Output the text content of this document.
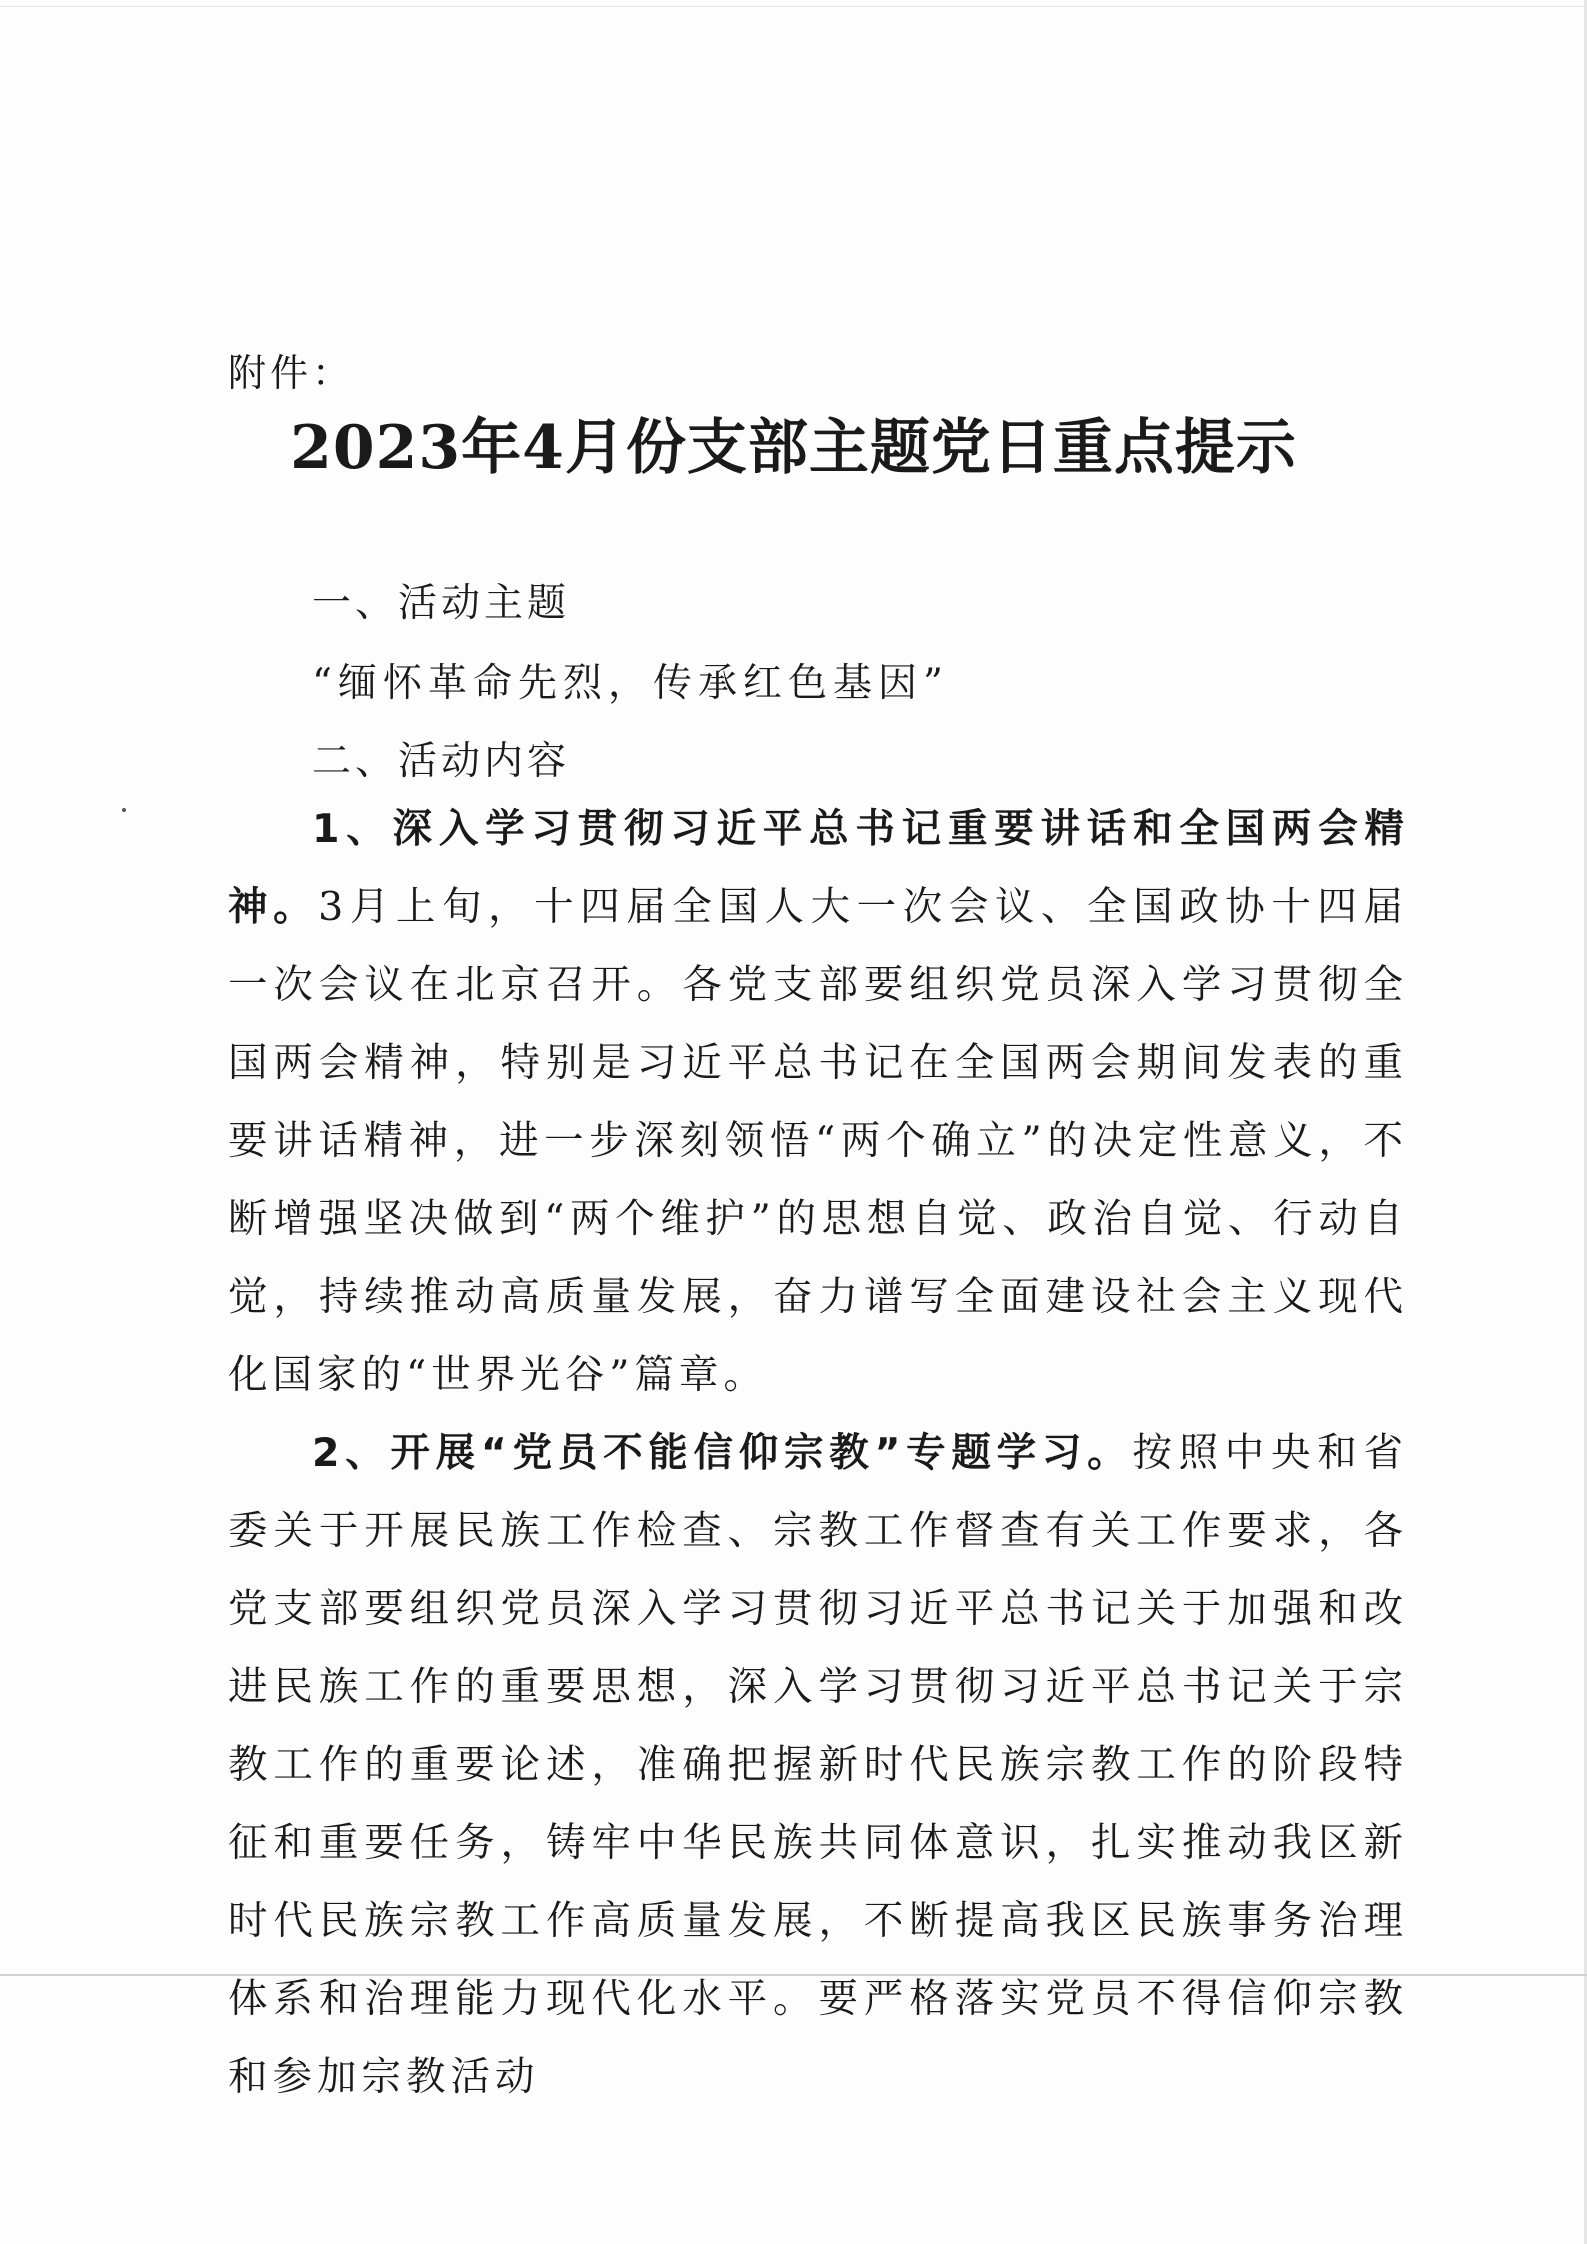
附件：
2023年4月份支部主题党日重点提示
一、活动主题
“缅怀革命先烈，传承红色基因”
二、活动内容
1、深入学习贯彻习近平总书记重要讲话和全国两会精神。3月上旬，十四届全国人大一次会议、全国政协十四届一次会议在北京召开。各党支部要组织党员深入学习贯彻全国两会精神，特别是习近平总书记在全国两会期间发表的重要讲话精神，进一步深刻领悟“两个确立”的决定性意义，不断增强坚决做到“两个维护”的思想自觉、政治自觉、行动自觉，持续推动高质量发展，奋力谱写全面建设社会主义现代化国家的“世界光谷”篇章。
2、开展“党员不能信仰宗教”专题学习。按照中央和省委关于开展民族工作检查、宗教工作督查有关工作要求，各党支部要组织党员深入学习贯彻习近平总书记关于加强和改进民族工作的重要思想，深入学习贯彻习近平总书记关于宗教工作的重要论述，准确把握新时代民族宗教工作的阶段特征和重要任务，铸牢中华民族共同体意识，扎实推动我区新时代民族宗教工作高质量发展，不断提高我区民族事务治理体系和治理能力现代化水平。要严格落实党员不得信仰宗教和参加宗教活动
